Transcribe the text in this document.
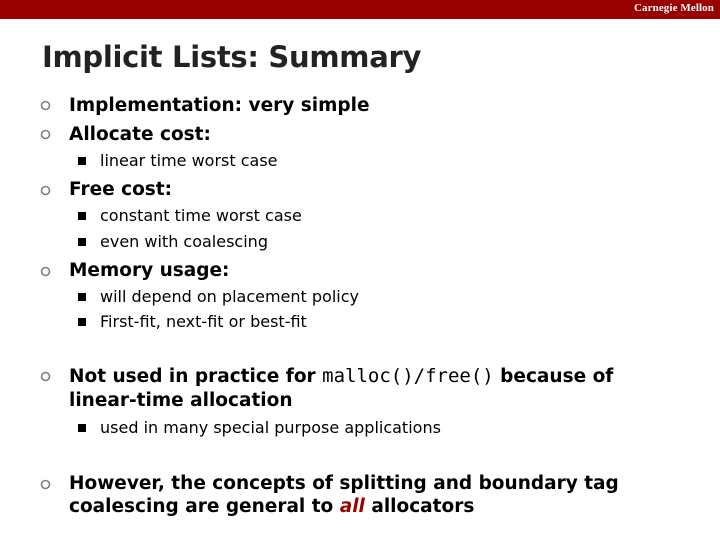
Carnegie Mellon
Implicit Lists: Summary
Implementation: very simple
Allocate cost:
linear time worst case
Free cost:
constant time worst case
even with coalescing
Memory usage:
will depend on placement policy
First-fit, next-fit or best-fit
Not used in practice for malloc()/free() because of
linear-time allocation
used in many special purpose applications
However, the concepts of splitting and boundary tag
coalescing are general to all allocators
